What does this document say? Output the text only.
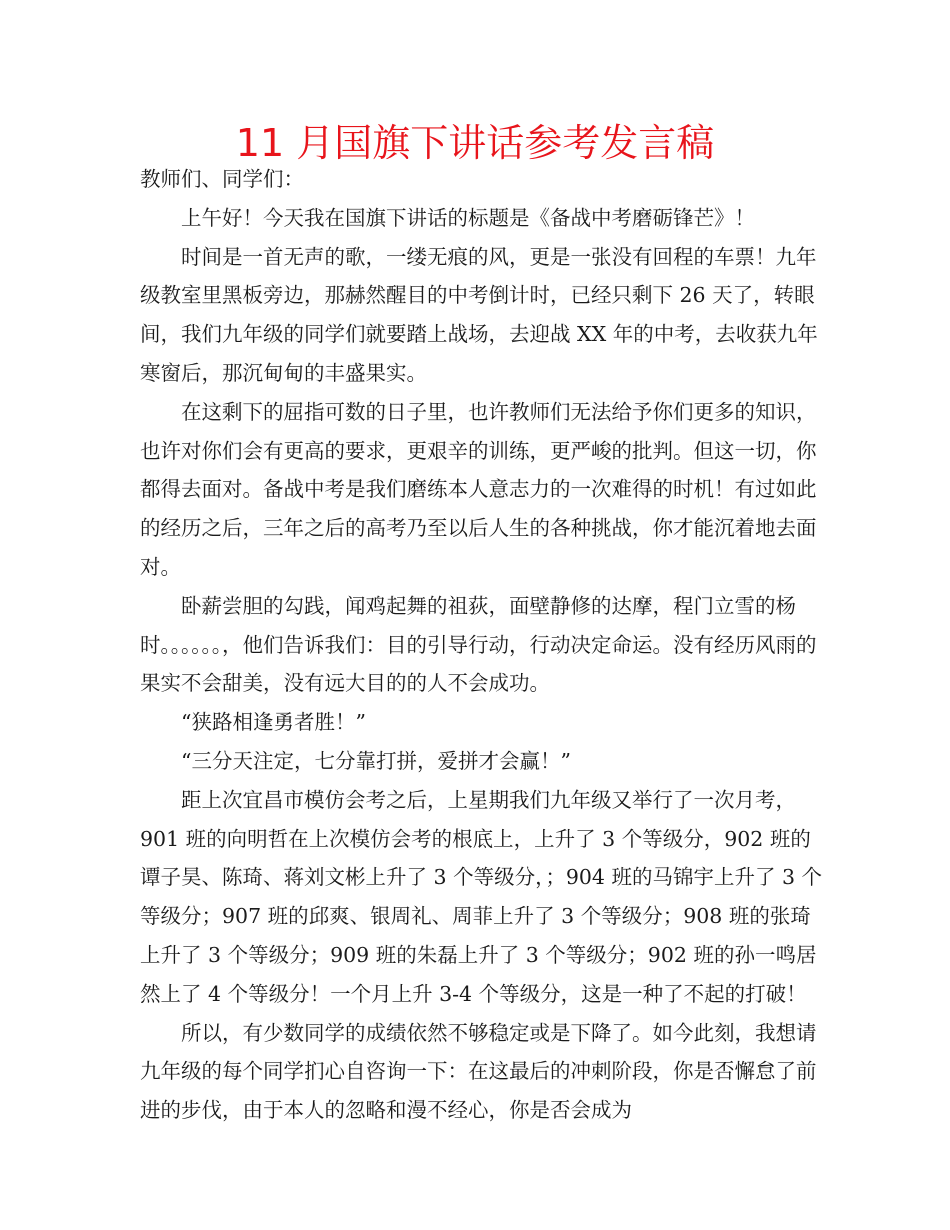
11 月国旗下讲话参考发言稿

教师们、同学们：

上午好！今天我在国旗下讲话的标题是《备战中考磨砺锋芒》！

时间是一首无声的歌，一缕无痕的风，更是一张没有回程的车票！九年级教室里黑板旁边，那赫然醒目的中考倒计时，已经只剩下 26 天了，转眼间，我们九年级的同学们就要踏上战场，去迎战 XX 年的中考，去收获九年寒窗后，那沉甸甸的丰盛果实。

在这剩下的屈指可数的日子里，也许教师们无法给予你们更多的知识，也许对你们会有更高的要求，更艰辛的训练，更严峻的批判。但这一切，你都得去面对。备战中考是我们磨练本人意志力的一次难得的时机！有过如此的经历之后，三年之后的高考乃至以后人生的各种挑战，你才能沉着地去面对。

卧薪尝胆的勾践，闻鸡起舞的祖荻，面壁静修的达摩，程门立雪的杨时。。。。。。，他们告诉我们：目的引导行动，行动决定命运。没有经历风雨的果实不会甜美，没有远大目的的人不会成功。

“狭路相逢勇者胜！”

“三分天注定，七分靠打拼，爱拼才会赢！”

距上次宜昌市模仿会考之后，上星期我们九年级又举行了一次月考，901 班的向明哲在上次模仿会考的根底上，上升了 3 个等级分，902 班的谭子昊、陈琦、蒋刘文彬上升了 3 个等级分，；904 班的马锦宇上升了 3 个等级分；907 班的邱爽、银周礼、周菲上升了 3 个等级分；908 班的张琦上升了 3 个等级分；909 班的朱磊上升了 3 个等级分；902 班的孙一鸣居然上了 4 个等级分！一个月上升 3-4 个等级分，这是一种了不起的打破！

所以，有少数同学的成绩依然不够稳定或是下降了。如今此刻，我想请九年级的每个同学扪心自咨询一下：在这最后的冲刺阶段，你是否懈怠了前进的步伐，由于本人的忽略和漫不经心，你是否会成为
